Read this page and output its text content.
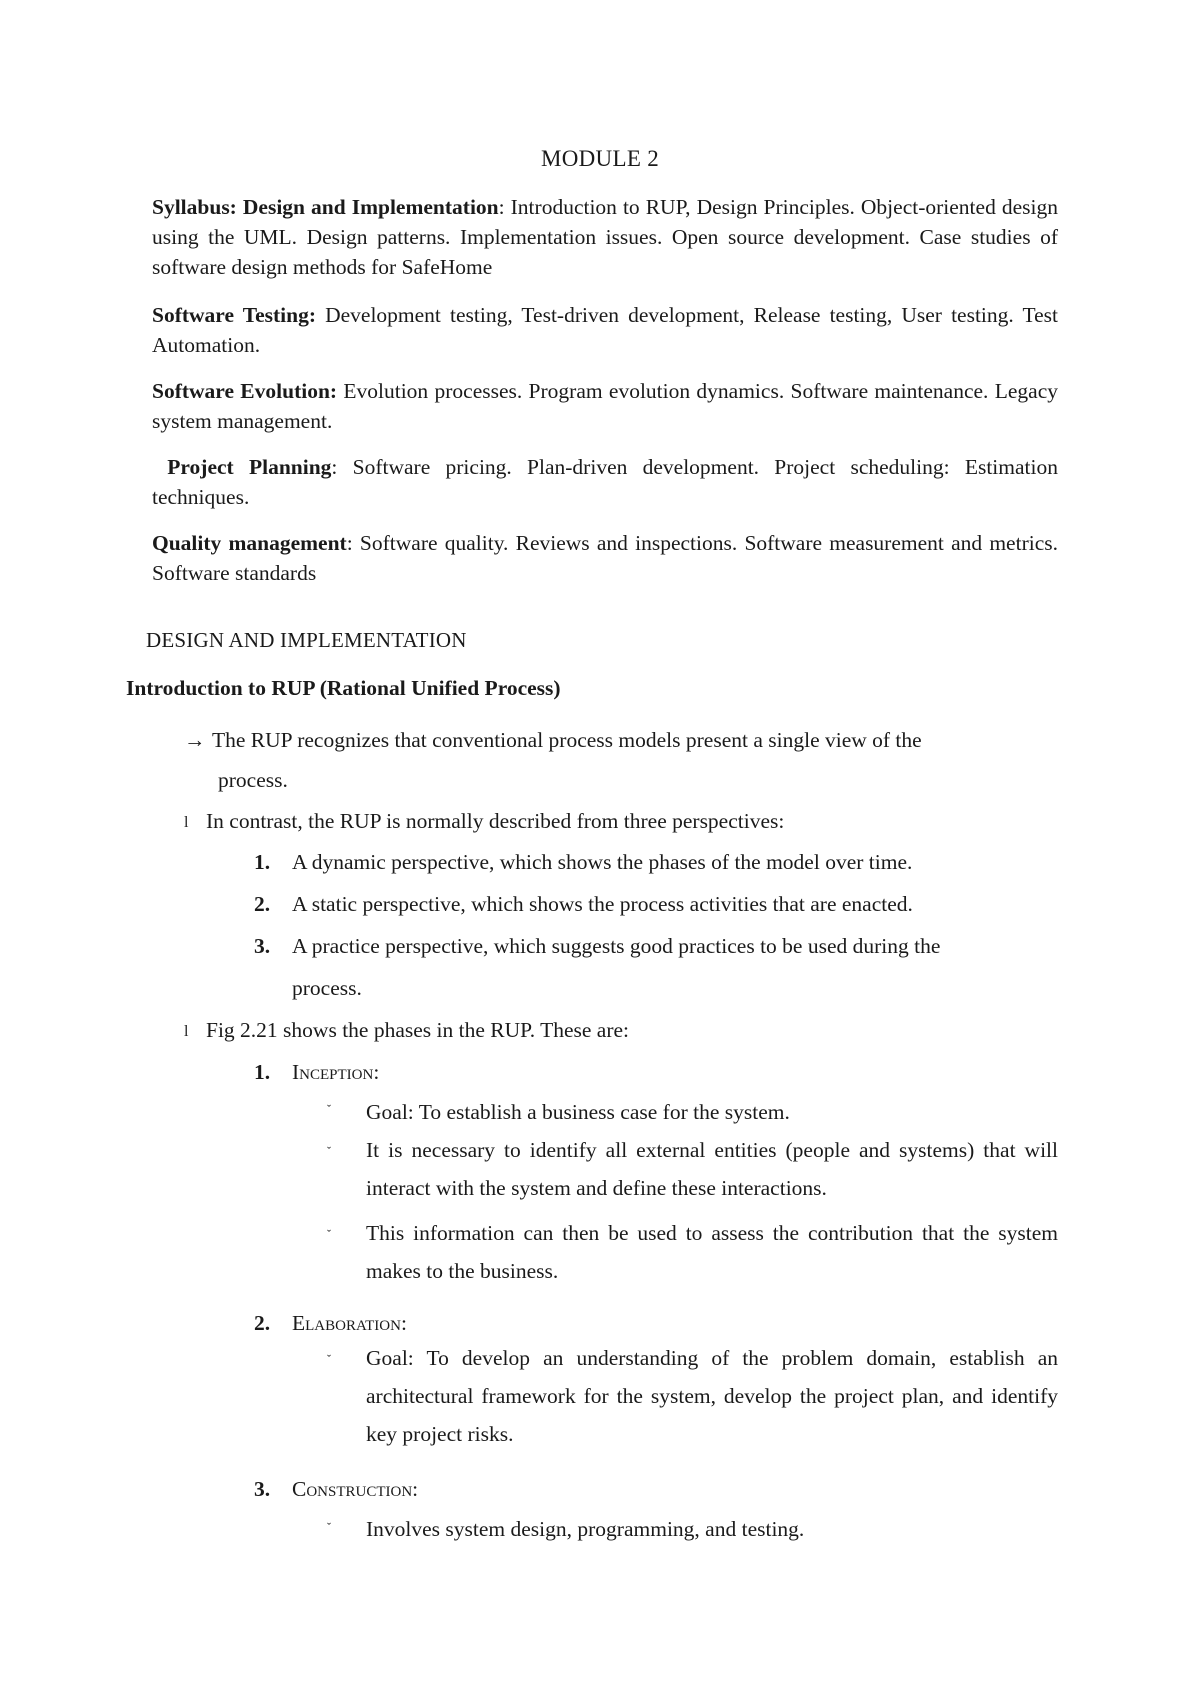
MODULE 2
Syllabus: Design and Implementation: Introduction to RUP, Design Principles. Object-oriented design using the UML. Design patterns. Implementation issues. Open source development. Case studies of software design methods for SafeHome
Software Testing: Development testing, Test-driven development, Release testing, User testing. Test Automation.
Software Evolution: Evolution processes. Program evolution dynamics. Software maintenance. Legacy system management.
Project Planning: Software pricing. Plan-driven development. Project scheduling: Estimation techniques.
Quality management: Software quality. Reviews and inspections. Software measurement and metrics. Software standards
DESIGN AND IMPLEMENTATION
Introduction to RUP (Rational Unified Process)
→ The RUP recognizes that conventional process models present a single view of the
process.
l In contrast, the RUP is normally described from three perspectives:
1. A dynamic perspective, which shows the phases of the model over time.
2. A static perspective, which shows the process activities that are enacted.
3. A practice perspective, which suggests good practices to be used during the
process.
l Fig 2.21 shows the phases in the RUP. These are:
1. Inception:
ˇ Goal: To establish a business case for the system.
ˇ It is necessary to identify all external entities (people and systems) that will interact with the system and define these interactions.
ˇ This information can then be used to assess the contribution that the system makes to the business.
2. Elaboration:
ˇ Goal: To develop an understanding of the problem domain, establish an architectural framework for the system, develop the project plan, and identify key project risks.
3. Construction:
ˇ Involves system design, programming, and testing.
